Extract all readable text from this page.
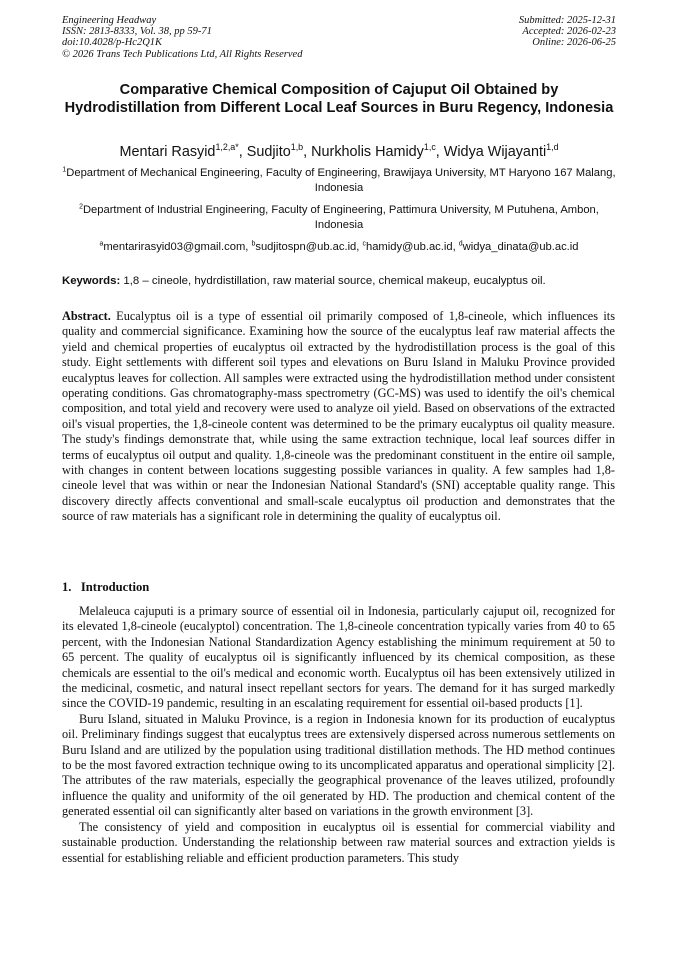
Engineering Headway
ISSN: 2813-8333, Vol. 38, pp 59-71
doi:10.4028/p-Hc2Q1K
© 2026 Trans Tech Publications Ltd, All Rights Reserved
Submitted: 2025-12-31
Accepted: 2026-02-23
Online: 2026-06-25
Comparative Chemical Composition of Cajuput Oil Obtained by Hydrodistillation from Different Local Leaf Sources in Buru Regency, Indonesia
Mentari Rasyid$^{1,2,a*}$, Sudjito$^{1,b}$, Nurkholis Hamidy$^{1,c}$, Widya Wijayanti$^{1,d}$
$^1$Department of Mechanical Engineering, Faculty of Engineering, Brawijaya University, MT Haryono 167 Malang, Indonesia
$^2$Department of Industrial Engineering, Faculty of Engineering, Pattimura University, M Putuhena, Ambon, Indonesia
$^a$mentarirasyid03@gmail.com, $^b$sudjitospn@ub.ac.id, $^c$hamidy@ub.ac.id, $^d$widya_dinata@ub.ac.id
Keywords: 1,8 – cineole, hydrdistillation, raw material source, chemical makeup, eucalyptus oil.
Abstract. Eucalyptus oil is a type of essential oil primarily composed of 1,8-cineole, which influences its quality and commercial significance. Examining how the source of the eucalyptus leaf raw material affects the yield and chemical properties of eucalyptus oil extracted by the hydrodistillation process is the goal of this study. Eight settlements with different soil types and elevations on Buru Island in Maluku Province provided eucalyptus leaves for collection. All samples were extracted using the hydrodistillation method under consistent operating conditions. Gas chromatography-mass spectrometry (GC-MS) was used to identify the oil's chemical composition, and total yield and recovery were used to analyze oil yield. Based on observations of the extracted oil's visual properties, the 1,8-cineole content was determined to be the primary eucalyptus oil quality measure. The study's findings demonstrate that, while using the same extraction technique, local leaf sources differ in terms of eucalyptus oil output and quality. 1,8-cineole was the predominant constituent in the entire oil sample, with changes in content between locations suggesting possible variances in quality. A few samples had 1,8-cineole level that was within or near the Indonesian National Standard's (SNI) acceptable quality range. This discovery directly affects conventional and small-scale eucalyptus oil production and demonstrates that the source of raw materials has a significant role in determining the quality of eucalyptus oil.
1.   Introduction

Melaleuca cajuputi is a primary source of essential oil in Indonesia, particularly cajuput oil, recognized for its elevated 1,8-cineole (eucalyptol) concentration. The 1,8-cineole concentration typically varies from 40 to 65 percent, with the Indonesian National Standardization Agency establishing the minimum requirement at 50 to 65 percent. The quality of eucalyptus oil is significantly influenced by its chemical composition, as these chemicals are essential to the oil's medical and economic worth. Eucalyptus oil has been extensively utilized in the medicinal, cosmetic, and natural insect repellant sectors for years. The demand for it has surged markedly since the COVID-19 pandemic, resulting in an escalating requirement for essential oil-based products [1].

Buru Island, situated in Maluku Province, is a region in Indonesia known for its production of eucalyptus oil. Preliminary findings suggest that eucalyptus trees are extensively dispersed across numerous settlements on Buru Island and are utilized by the population using traditional distillation methods. The HD method continues to be the most favored extraction technique owing to its uncomplicated apparatus and operational simplicity [2]. The attributes of the raw materials, especially the geographical provenance of the leaves utilized, profoundly influence the quality and uniformity of the oil generated by HD. The production and chemical content of the generated essential oil can significantly alter based on variations in the growth environment [3].

The consistency of yield and composition in eucalyptus oil is essential for commercial viability and sustainable production. Understanding the relationship between raw material sources and extraction yields is essential for establishing reliable and efficient production parameters. This study
